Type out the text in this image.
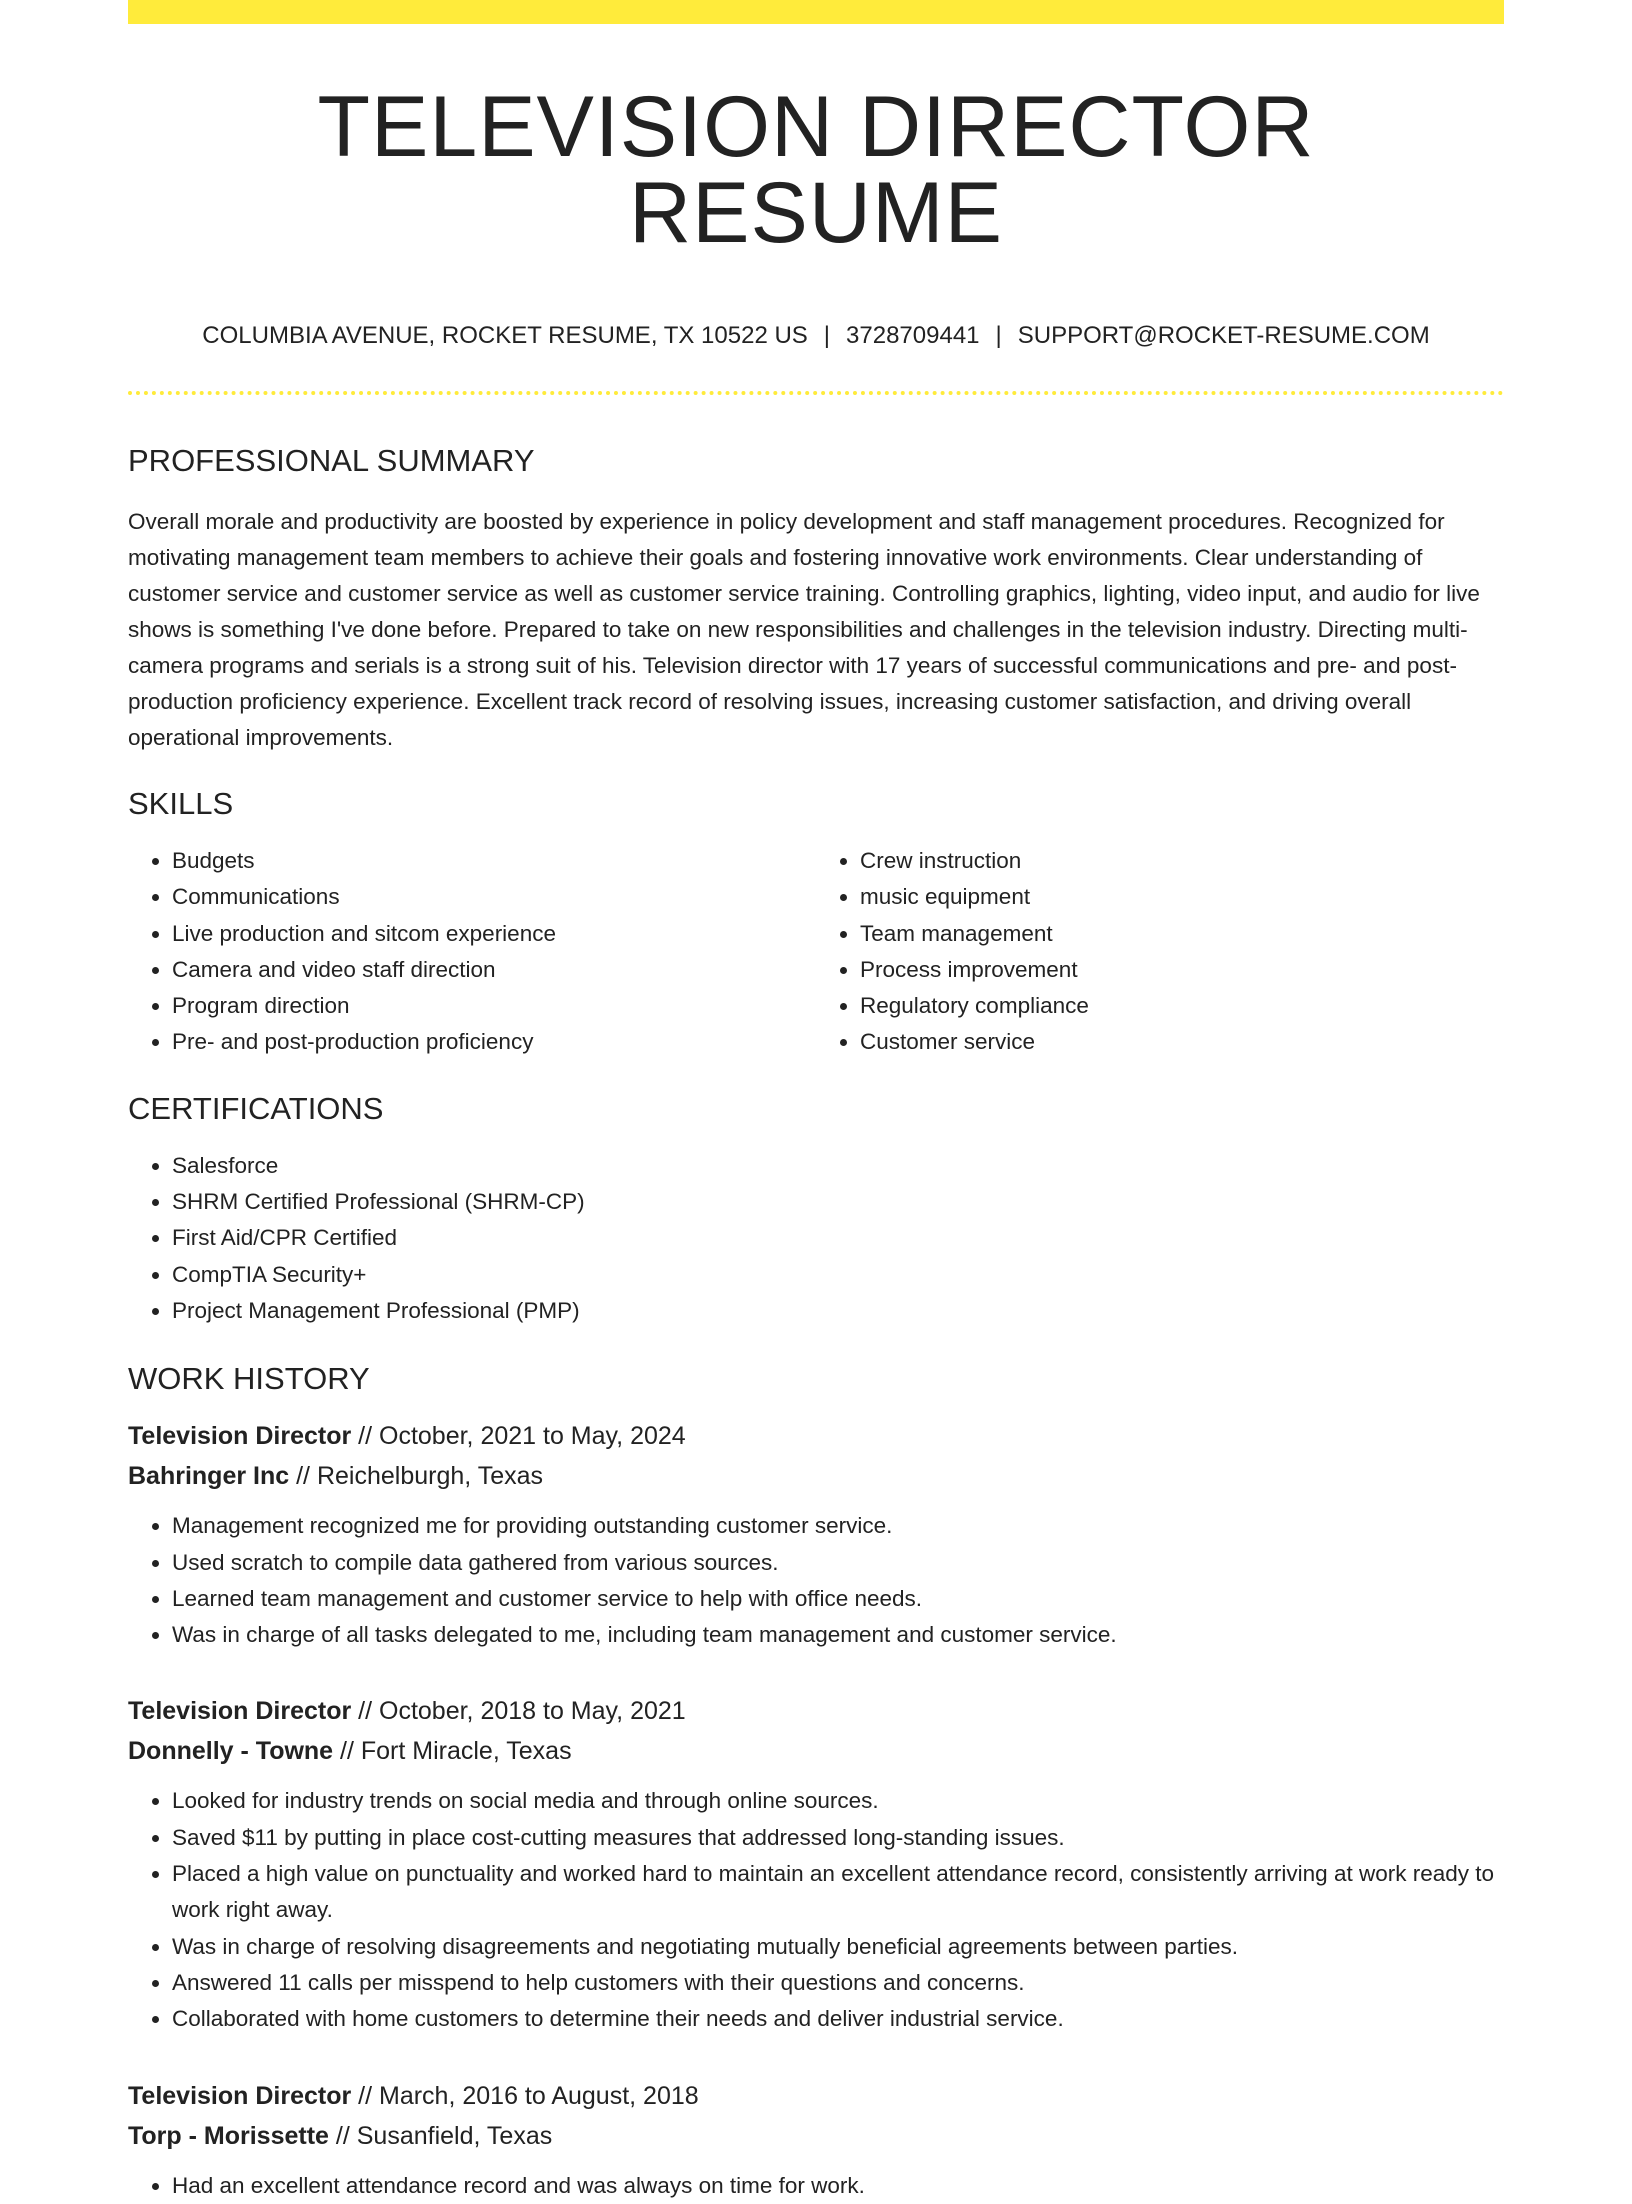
TELEVISION DIRECTOR RESUME
COLUMBIA AVENUE, ROCKET RESUME, TX 10522 US | 3728709441 | SUPPORT@ROCKET-RESUME.COM
PROFESSIONAL SUMMARY

Overall morale and productivity are boosted by experience in policy development and staff management procedures. Recognized for motivating management team members to achieve their goals and fostering innovative work environments. Clear understanding of customer service and customer service as well as customer service training. Controlling graphics, lighting, video input, and audio for live shows is something I've done before. Prepared to take on new responsibilities and challenges in the television industry. Directing multi-camera programs and serials is a strong suit of his. Television director with 17 years of successful communications and pre- and post-production proficiency experience. Excellent track record of resolving issues, increasing customer satisfaction, and driving overall operational improvements.

SKILLS
• Budgets
• Communications
• Live production and sitcom experience
• Camera and video staff direction
• Program direction
• Pre- and post-production proficiency
• Crew instruction
• music equipment
• Team management
• Process improvement
• Regulatory compliance
• Customer service
CERTIFICATIONS
• Salesforce
• SHRM Certified Professional (SHRM-CP)
• First Aid/CPR Certified
• CompTIA Security+
• Project Management Professional (PMP)
WORK HISTORY
Television Director // October, 2021 to May, 2024
Bahringer Inc // Reichelburgh, Texas
• Management recognized me for providing outstanding customer service.
• Used scratch to compile data gathered from various sources.
• Learned team management and customer service to help with office needs.
• Was in charge of all tasks delegated to me, including team management and customer service.
Television Director // October, 2018 to May, 2021
Donnelly - Towne // Fort Miracle, Texas
• Looked for industry trends on social media and through online sources.
• Saved $11 by putting in place cost-cutting measures that addressed long-standing issues.
• Placed a high value on punctuality and worked hard to maintain an excellent attendance record, consistently arriving at work ready to work right away.
• Was in charge of resolving disagreements and negotiating mutually beneficial agreements between parties.
• Answered 11 calls per misspend to help customers with their questions and concerns.
• Collaborated with home customers to determine their needs and deliver industrial service.
Television Director // March, 2016 to August, 2018
Torp - Morissette // Susanfield, Texas
• Had an excellent attendance record and was always on time for work.
